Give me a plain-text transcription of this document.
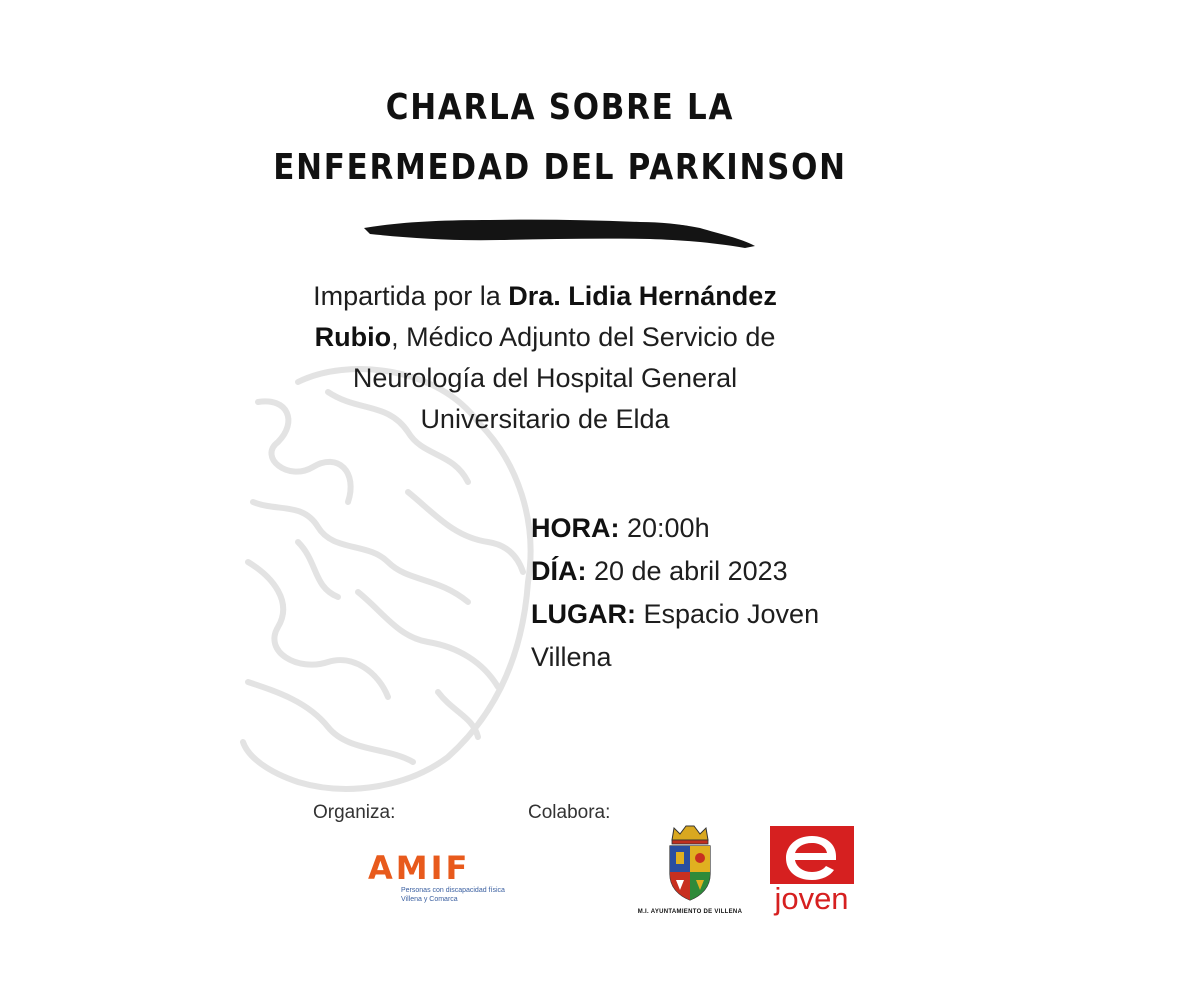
CHARLA SOBRE LA
ENFERMEDAD DEL PARKINSON
Impartida por la Dra. Lidia Hernández
Rubio, Médico Adjunto del Servicio de
Neurología del Hospital General
Universitario de Elda
HORA: 20:00h
DÍA: 20 de abril 2023
LUGAR: Espacio Joven
Villena
Organiza:	Colabora:
AMIF
Personas con discapacidad física
Villena y Comarca
M.I. AYUNTAMIENTO DE VILLENA	joven
